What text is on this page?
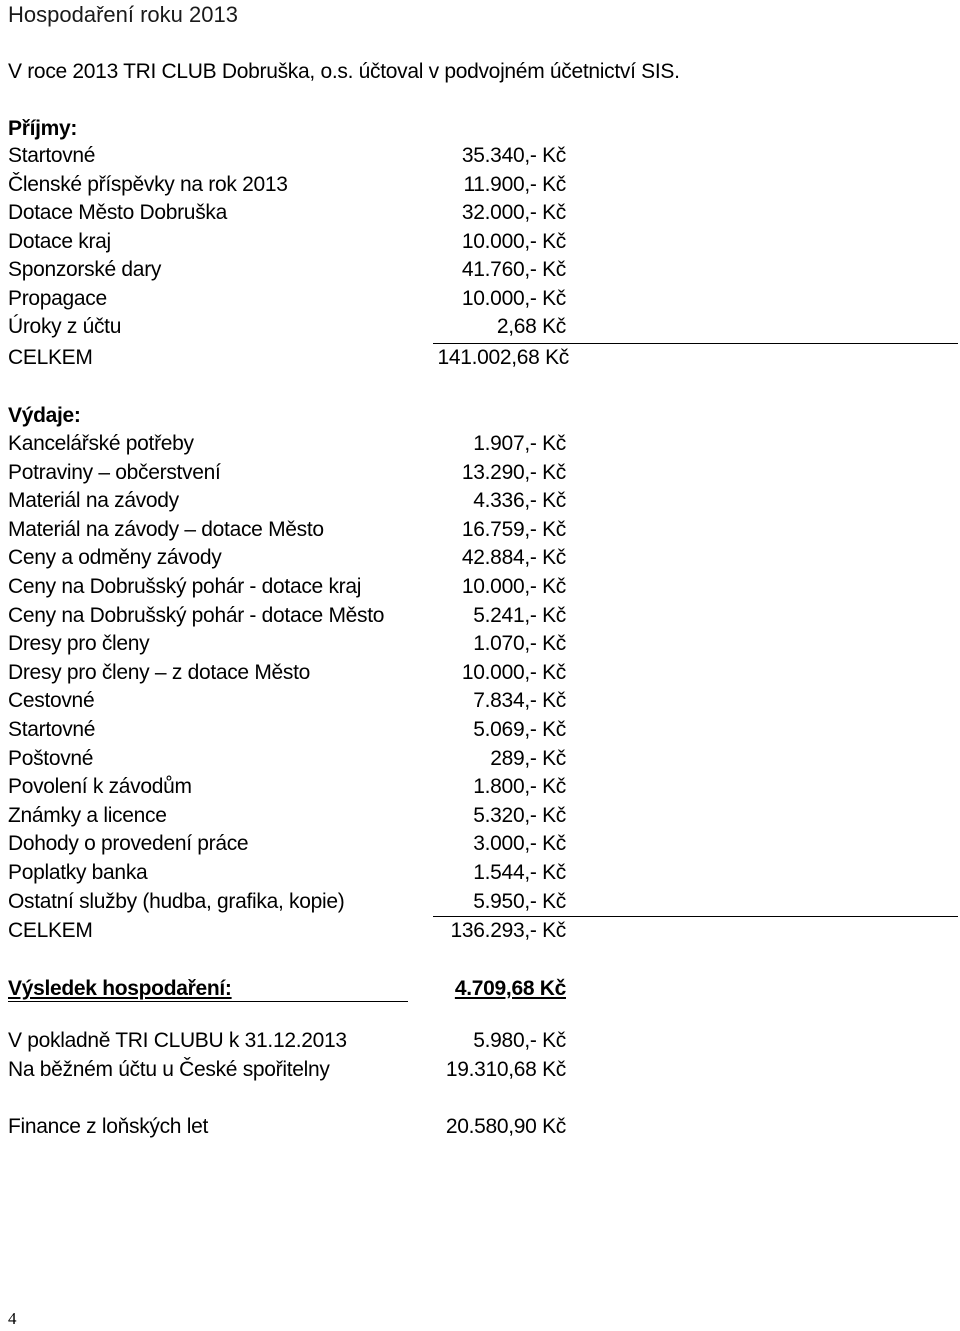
Hospodaření roku 2013
V roce 2013 TRI CLUB Dobruška, o.s. účtoval v podvojném účetnictví SIS.
Příjmy:
Startovné	35.340,- Kč
Členské příspěvky na rok 2013	11.900,- Kč
Dotace Město Dobruška	32.000,- Kč
Dotace kraj	10.000,- Kč
Sponzorské dary	41.760,- Kč
Propagace	10.000,- Kč
Úroky z účtu	2,68 Kč
CELKEM	141.002,68 Kč
Výdaje:
Kancelářské potřeby	1.907,- Kč
Potraviny – občerstvení	13.290,- Kč
Materiál na závody	4.336,- Kč
Materiál na závody – dotace Město	16.759,- Kč
Ceny a odměny závody	42.884,- Kč
Ceny na Dobrušský pohár - dotace kraj	10.000,- Kč
Ceny na Dobrušský pohár - dotace Město	5.241,- Kč
Dresy pro členy	1.070,- Kč
Dresy pro členy – z dotace Město	10.000,- Kč
Cestovné	7.834,- Kč
Startovné	5.069,- Kč
Poštovné	289,- Kč
Povolení k závodům	1.800,- Kč
Známky a licence	5.320,- Kč
Dohody o provedení práce	3.000,- Kč
Poplatky banka	1.544,- Kč
Ostatní služby (hudba, grafika, kopie)	5.950,- Kč
CELKEM	136.293,- Kč
Výsledek hospodaření:	4.709,68 Kč
V pokladně TRI CLUBU k 31.12.2013	5.980,- Kč
Na běžném účtu u České spořitelny	19.310,68 Kč
Finance z loňských let	20.580,90 Kč
4
